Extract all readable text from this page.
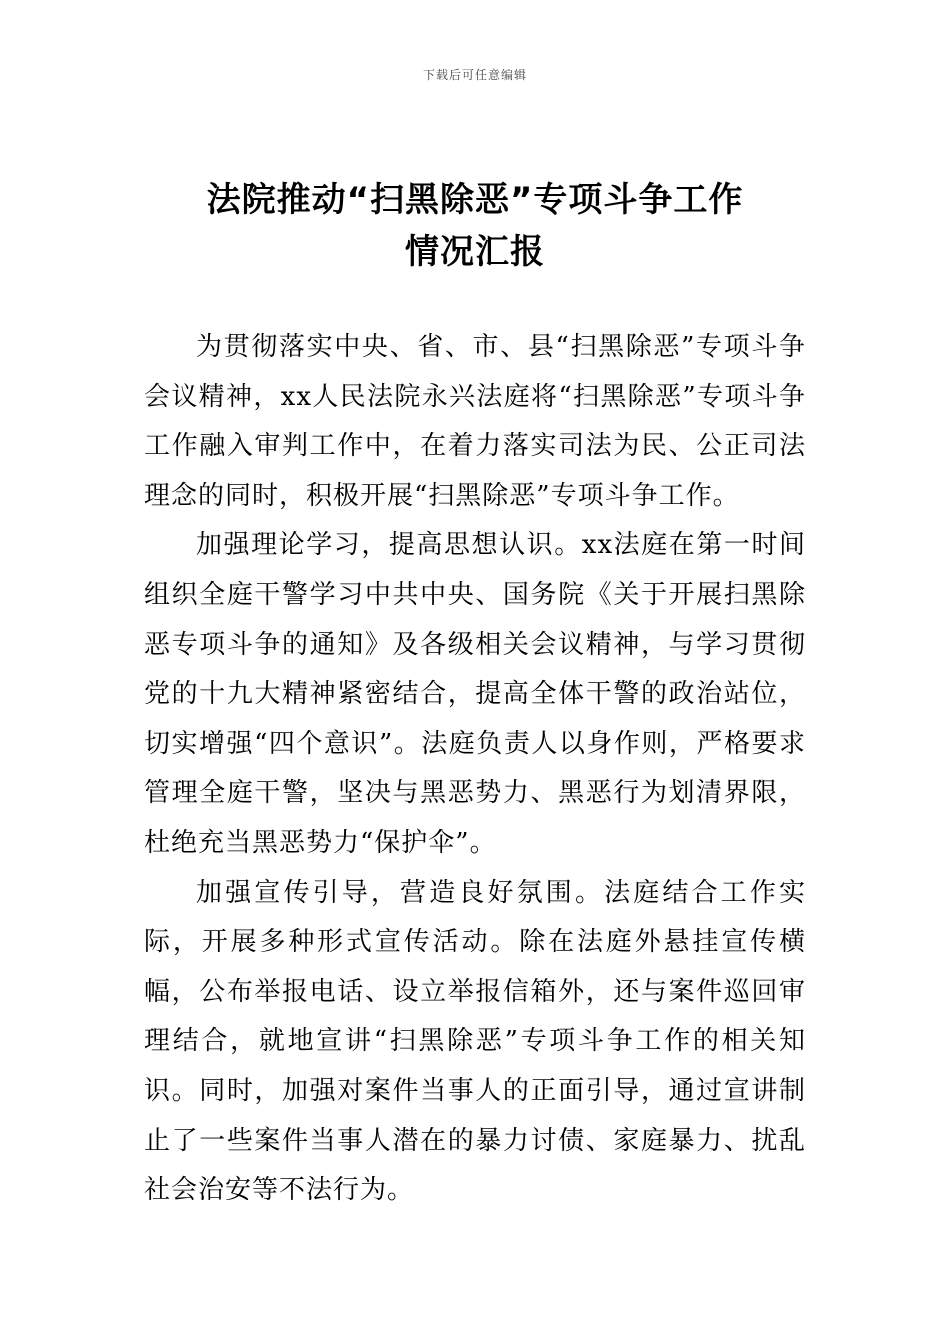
下载后可任意编辑
法院推动“扫黑除恶”专项斗争工作
情况汇报

为贯彻落实中央、省、市、县“扫黑除恶”专项斗争会议精神，xx人民法院永兴法庭将“扫黑除恶”专项斗争工作融入审判工作中，在着力落实司法为民、公正司法理念的同时，积极开展“扫黑除恶”专项斗争工作。

加强理论学习，提高思想认识。xx法庭在第一时间组织全庭干警学习中共中央、国务院《关于开展扫黑除恶专项斗争的通知》及各级相关会议精神，与学习贯彻党的十九大精神紧密结合，提高全体干警的政治站位，切实增强“四个意识”。法庭负责人以身作则，严格要求管理全庭干警，坚决与黑恶势力、黑恶行为划清界限，杜绝充当黑恶势力“保护伞”。

加强宣传引导，营造良好氛围。法庭结合工作实际，开展多种形式宣传活动。除在法庭外悬挂宣传横幅，公布举报电话、设立举报信箱外，还与案件巡回审理结合，就地宣讲“扫黑除恶”专项斗争工作的相关知识。同时，加强对案件当事人的正面引导，通过宣讲制止了一些案件当事人潜在的暴力讨债、家庭暴力、扰乱社会治安等不法行为。
